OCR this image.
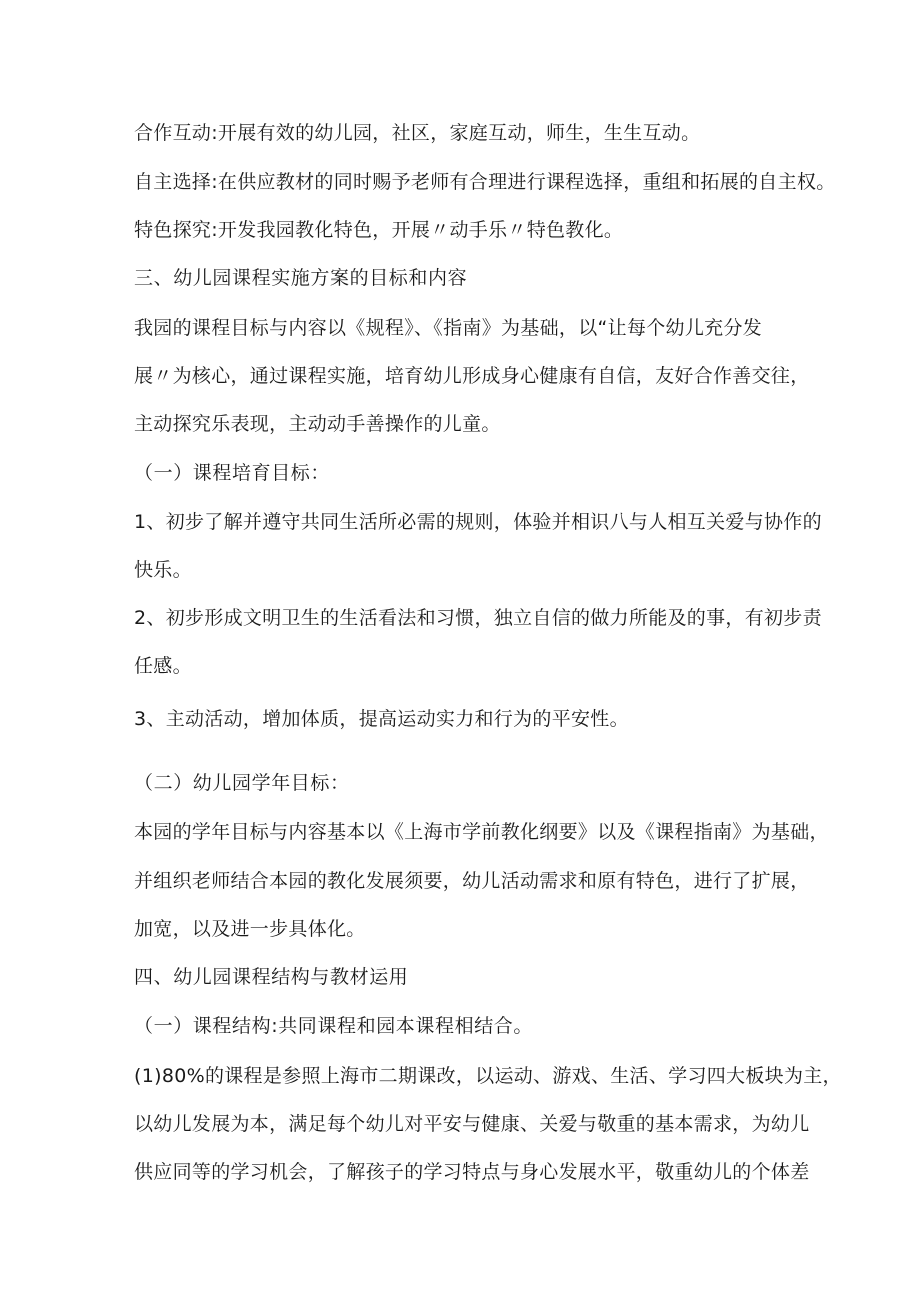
合作互动:开展有效的幼儿园，社区，家庭互动，师生，生生互动。
自主选择:在供应教材的同时赐予老师有合理进行课程选择，重组和拓展的自主权。
特色探究:开发我园教化特色，开展〃动手乐〃特色教化。
三、幼儿园课程实施方案的目标和内容
我园的课程目标与内容以《规程》、《指南》为基础，以“让每个幼儿充分发
展〃为核心，通过课程实施，培育幼儿形成身心健康有自信，友好合作善交往，
主动探究乐表现，主动动手善操作的儿童。
（一）课程培育目标：
1、初步了解并遵守共同生活所必需的规则，体验并相识八与人相互关爱与协作的
快乐。
2、初步形成文明卫生的生活看法和习惯，独立自信的做力所能及的事，有初步责
任感。
3、主动活动，增加体质，提高运动实力和行为的平安性。
（二）幼儿园学年目标：
本园的学年目标与内容基本以《上海市学前教化纲要》以及《课程指南》为基础，
并组织老师结合本园的教化发展须要，幼儿活动需求和原有特色，进行了扩展，
加宽，以及进一步具体化。
四、幼儿园课程结构与教材运用
（一）课程结构:共同课程和园本课程相结合。
(1)80%的课程是参照上海市二期课改，以运动、游戏、生活、学习四大板块为主，
以幼儿发展为本，满足每个幼儿对平安与健康、关爱与敬重的基本需求，为幼儿
供应同等的学习机会，了解孩子的学习特点与身心发展水平，敬重幼儿的个体差
